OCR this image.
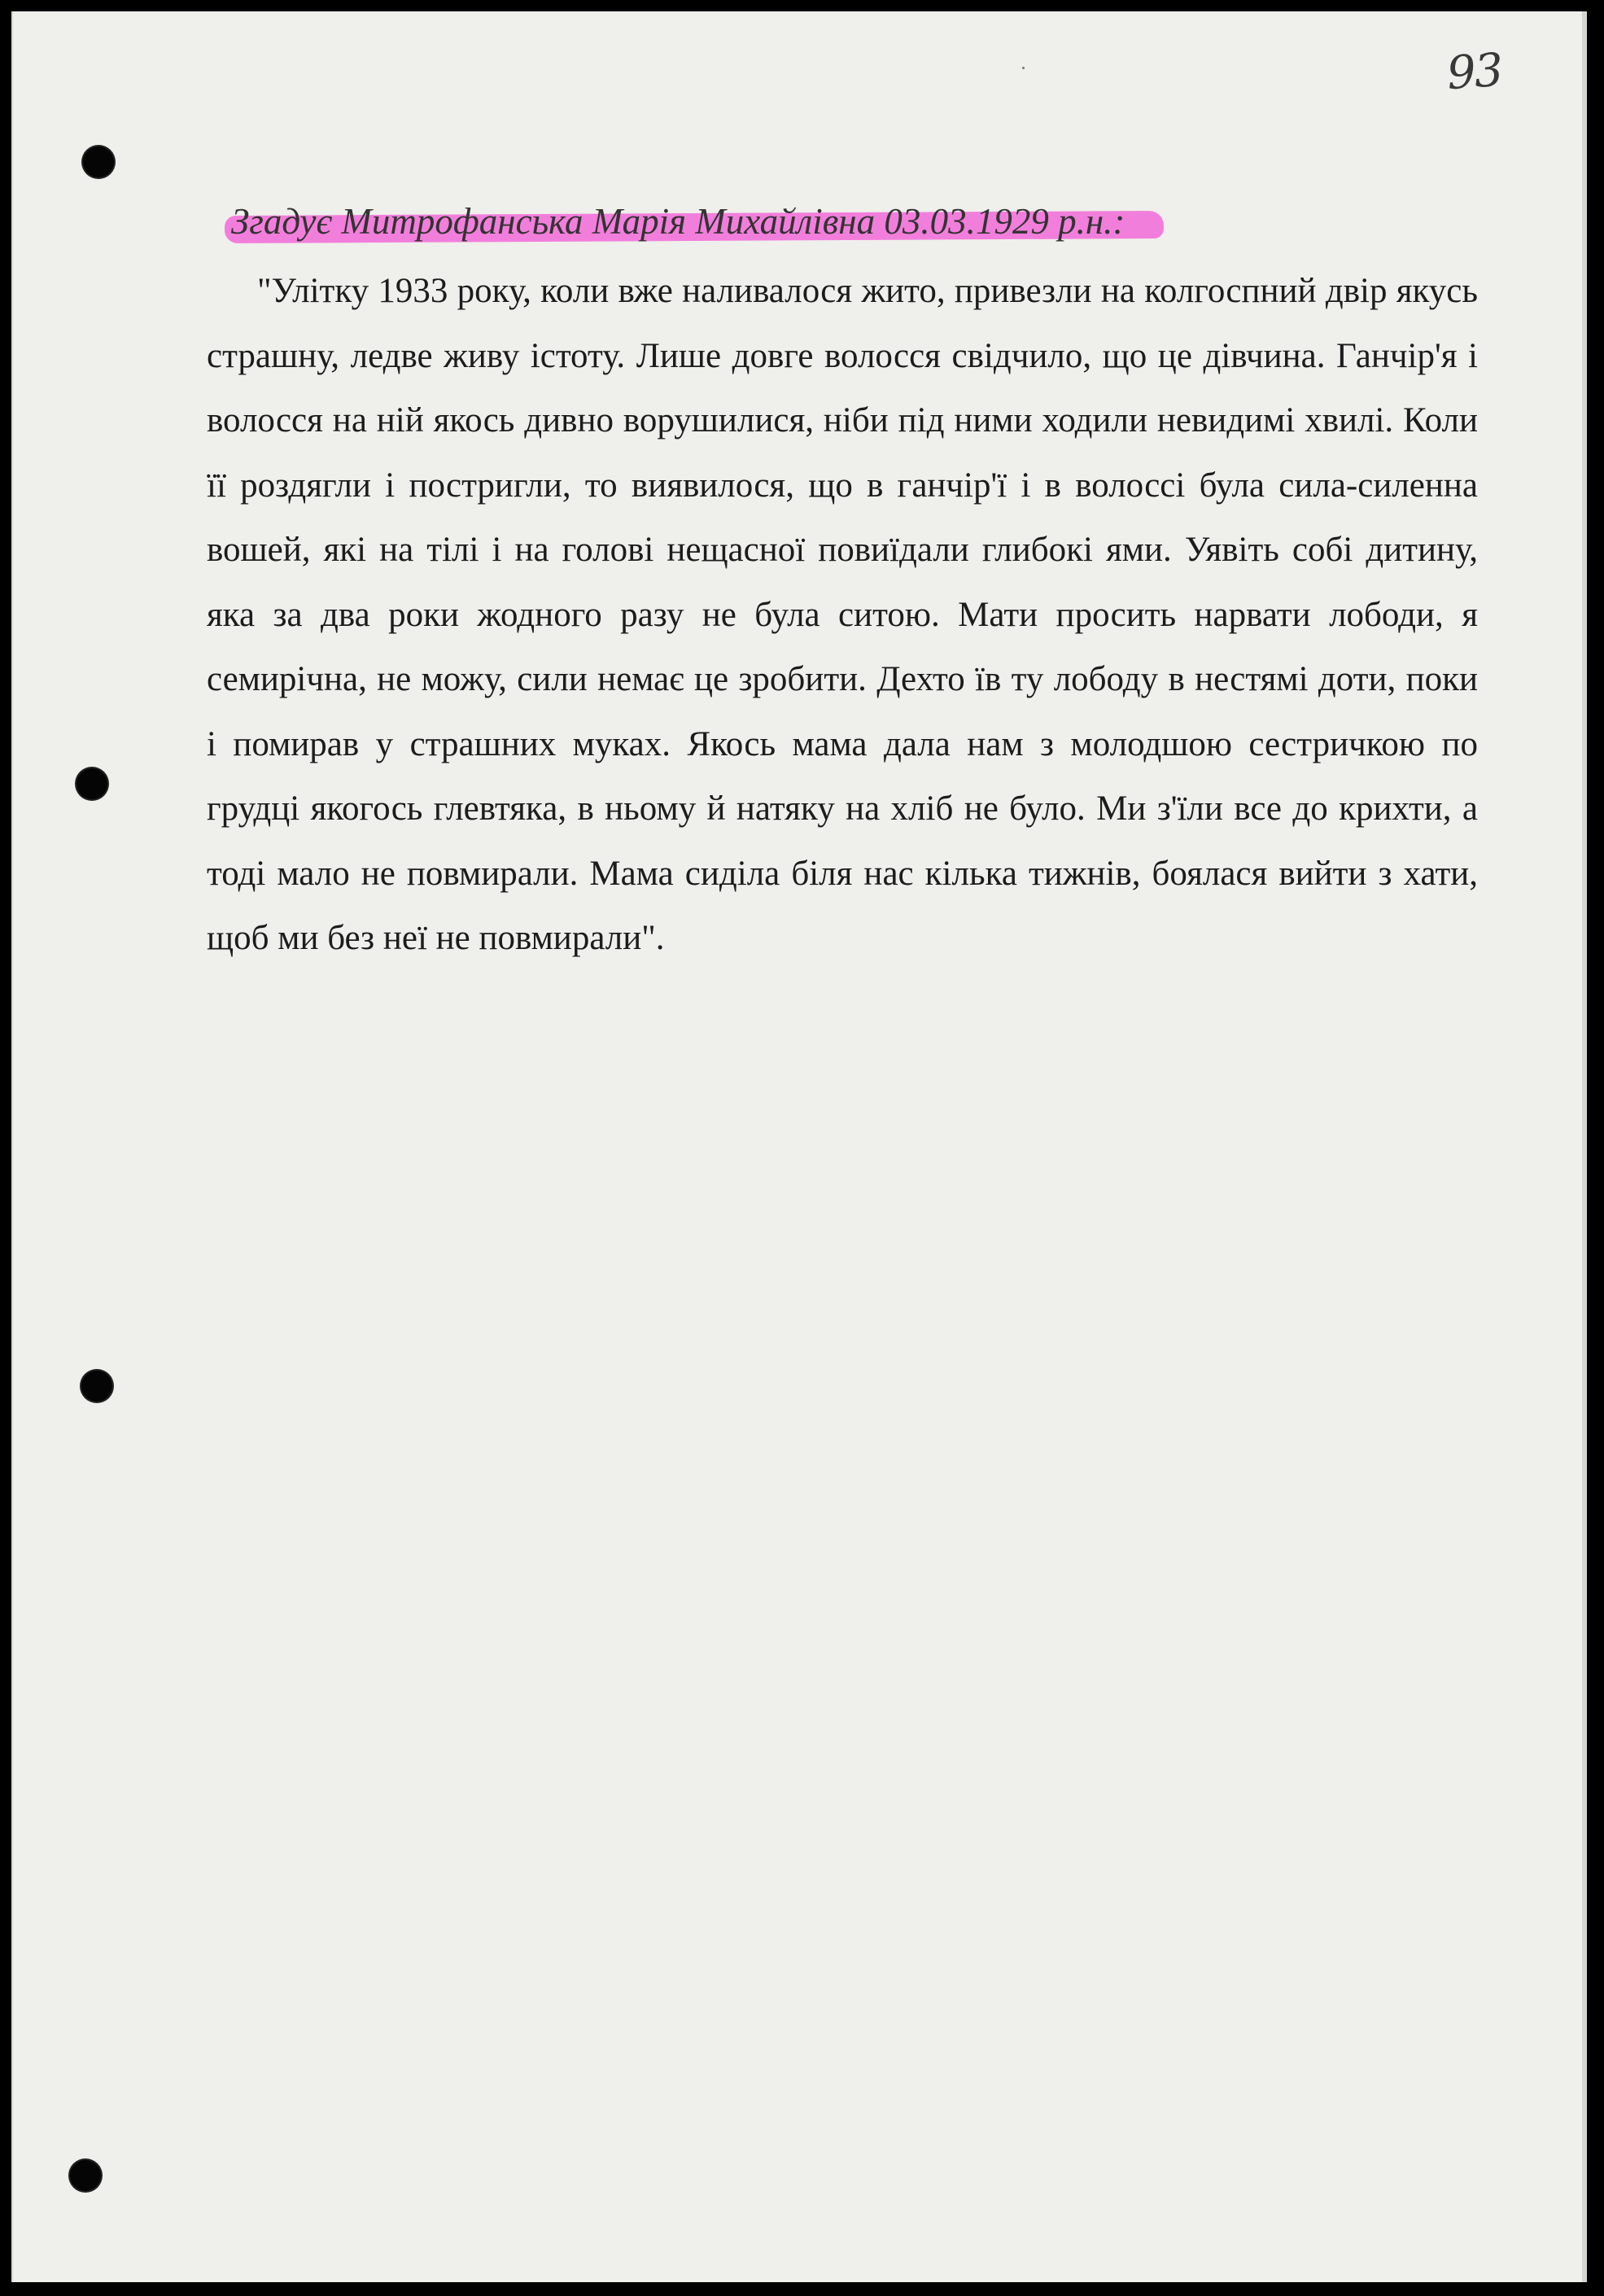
93
Згадує Митрофанська Марія Михайлівна 03.03.1929 р.н.:

"Улітку 1933 року, коли вже наливалося жито, привезли на колгоспний двір якусь страшну, ледве живу істоту. Лише довге волосся свідчило, що це дівчина. Ганчір'я і волосся на ній якось дивно ворушилися, ніби під ними ходили невидимі хвилі. Коли її роздягли і постригли, то виявилося, що в ганчір'ї і в волоссі була сила-силенна вошей, які на тілі і на голові нещасної повиїдали глибокі ями. Уявіть собі дитину, яка за два роки жодного разу не була ситою. Мати просить нарвати лободи, я семирічна, не можу, сили немає це зробити. Дехто їв ту лободу в нестямі доти, поки і помирав у страшних муках. Якось мама дала нам з молодшою сестричкою по грудці якогось глевтяка, в ньому й натяку на хліб не було. Ми з'їли все до крихти, а тоді мало не повмирали. Мама сиділа біля нас кілька тижнів, боялася вийти з хати, щоб ми без неї не повмирали".
